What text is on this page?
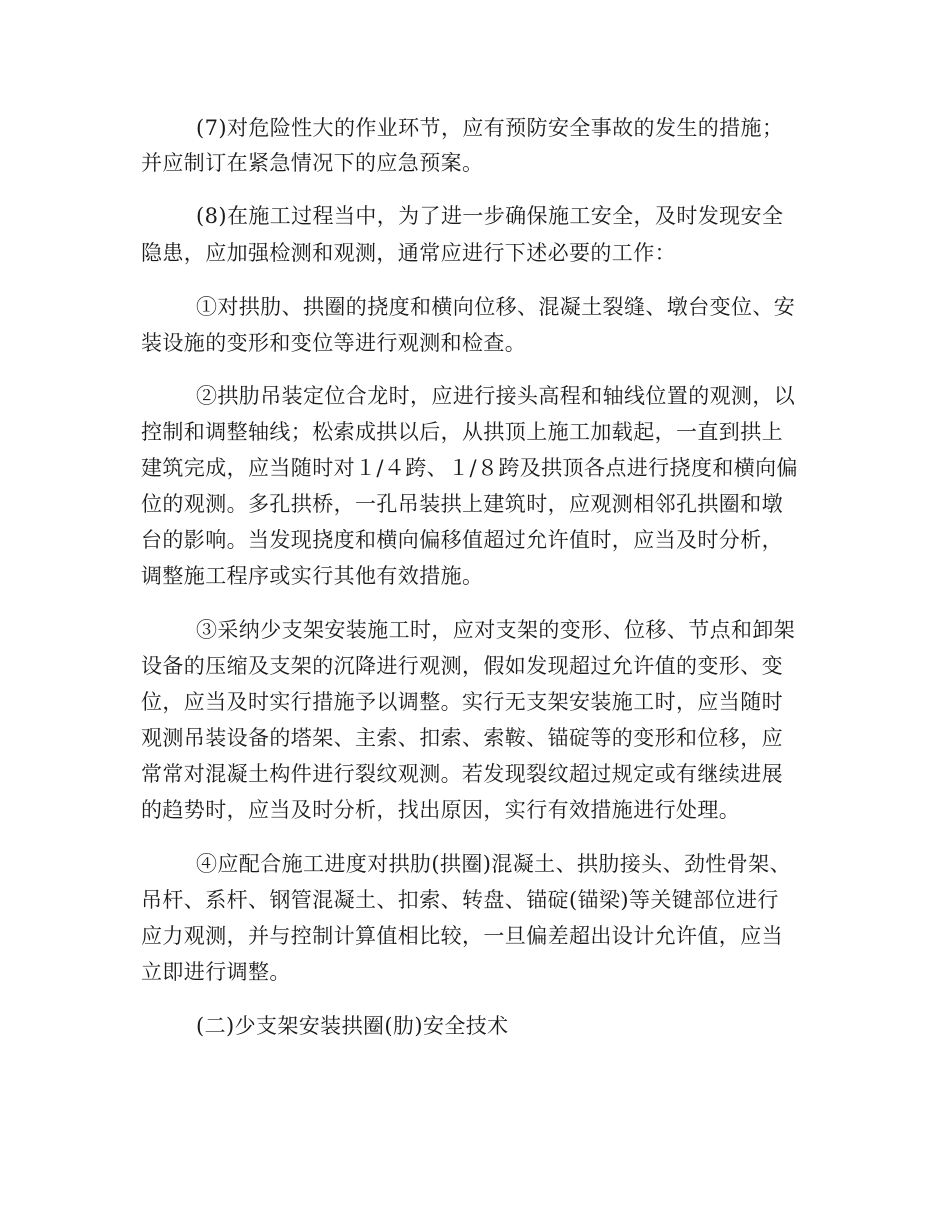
(7)对危险性大的作业环节，应有预防安全事故的发生的措施；
并应制订在紧急情况下的应急预案。
(8)在施工过程当中，为了进一步确保施工安全，及时发现安全
隐患，应加强检测和观测，通常应进行下述必要的工作：
①对拱肋、拱圈的挠度和横向位移、混凝土裂缝、墩台变位、安
装设施的变形和变位等进行观测和检查。
②拱肋吊装定位合龙时，应进行接头高程和轴线位置的观测，以
控制和调整轴线；松索成拱以后，从拱顶上施工加载起，一直到拱上
建筑完成，应当随时对１/４跨、１/８跨及拱顶各点进行挠度和横向偏
位的观测。多孔拱桥，一孔吊装拱上建筑时，应观测相邻孔拱圈和墩
台的影响。当发现挠度和横向偏移值超过允许值时，应当及时分析，
调整施工程序或实行其他有效措施。
③采纳少支架安装施工时，应对支架的变形、位移、节点和卸架
设备的压缩及支架的沉降进行观测，假如发现超过允许值的变形、变
位，应当及时实行措施予以调整。实行无支架安装施工时，应当随时
观测吊装设备的塔架、主索、扣索、索鞍、锚碇等的变形和位移，应
常常对混凝土构件进行裂纹观测。若发现裂纹超过规定或有继续进展
的趋势时，应当及时分析，找出原因，实行有效措施进行处理。
④应配合施工进度对拱肋(拱圈)混凝土、拱肋接头、劲性骨架、
吊杆、系杆、钢管混凝土、扣索、转盘、锚碇(锚梁)等关键部位进行
应力观测，并与控制计算值相比较，一旦偏差超出设计允许值，应当
立即进行调整。
(二)少支架安装拱圈(肋)安全技术
